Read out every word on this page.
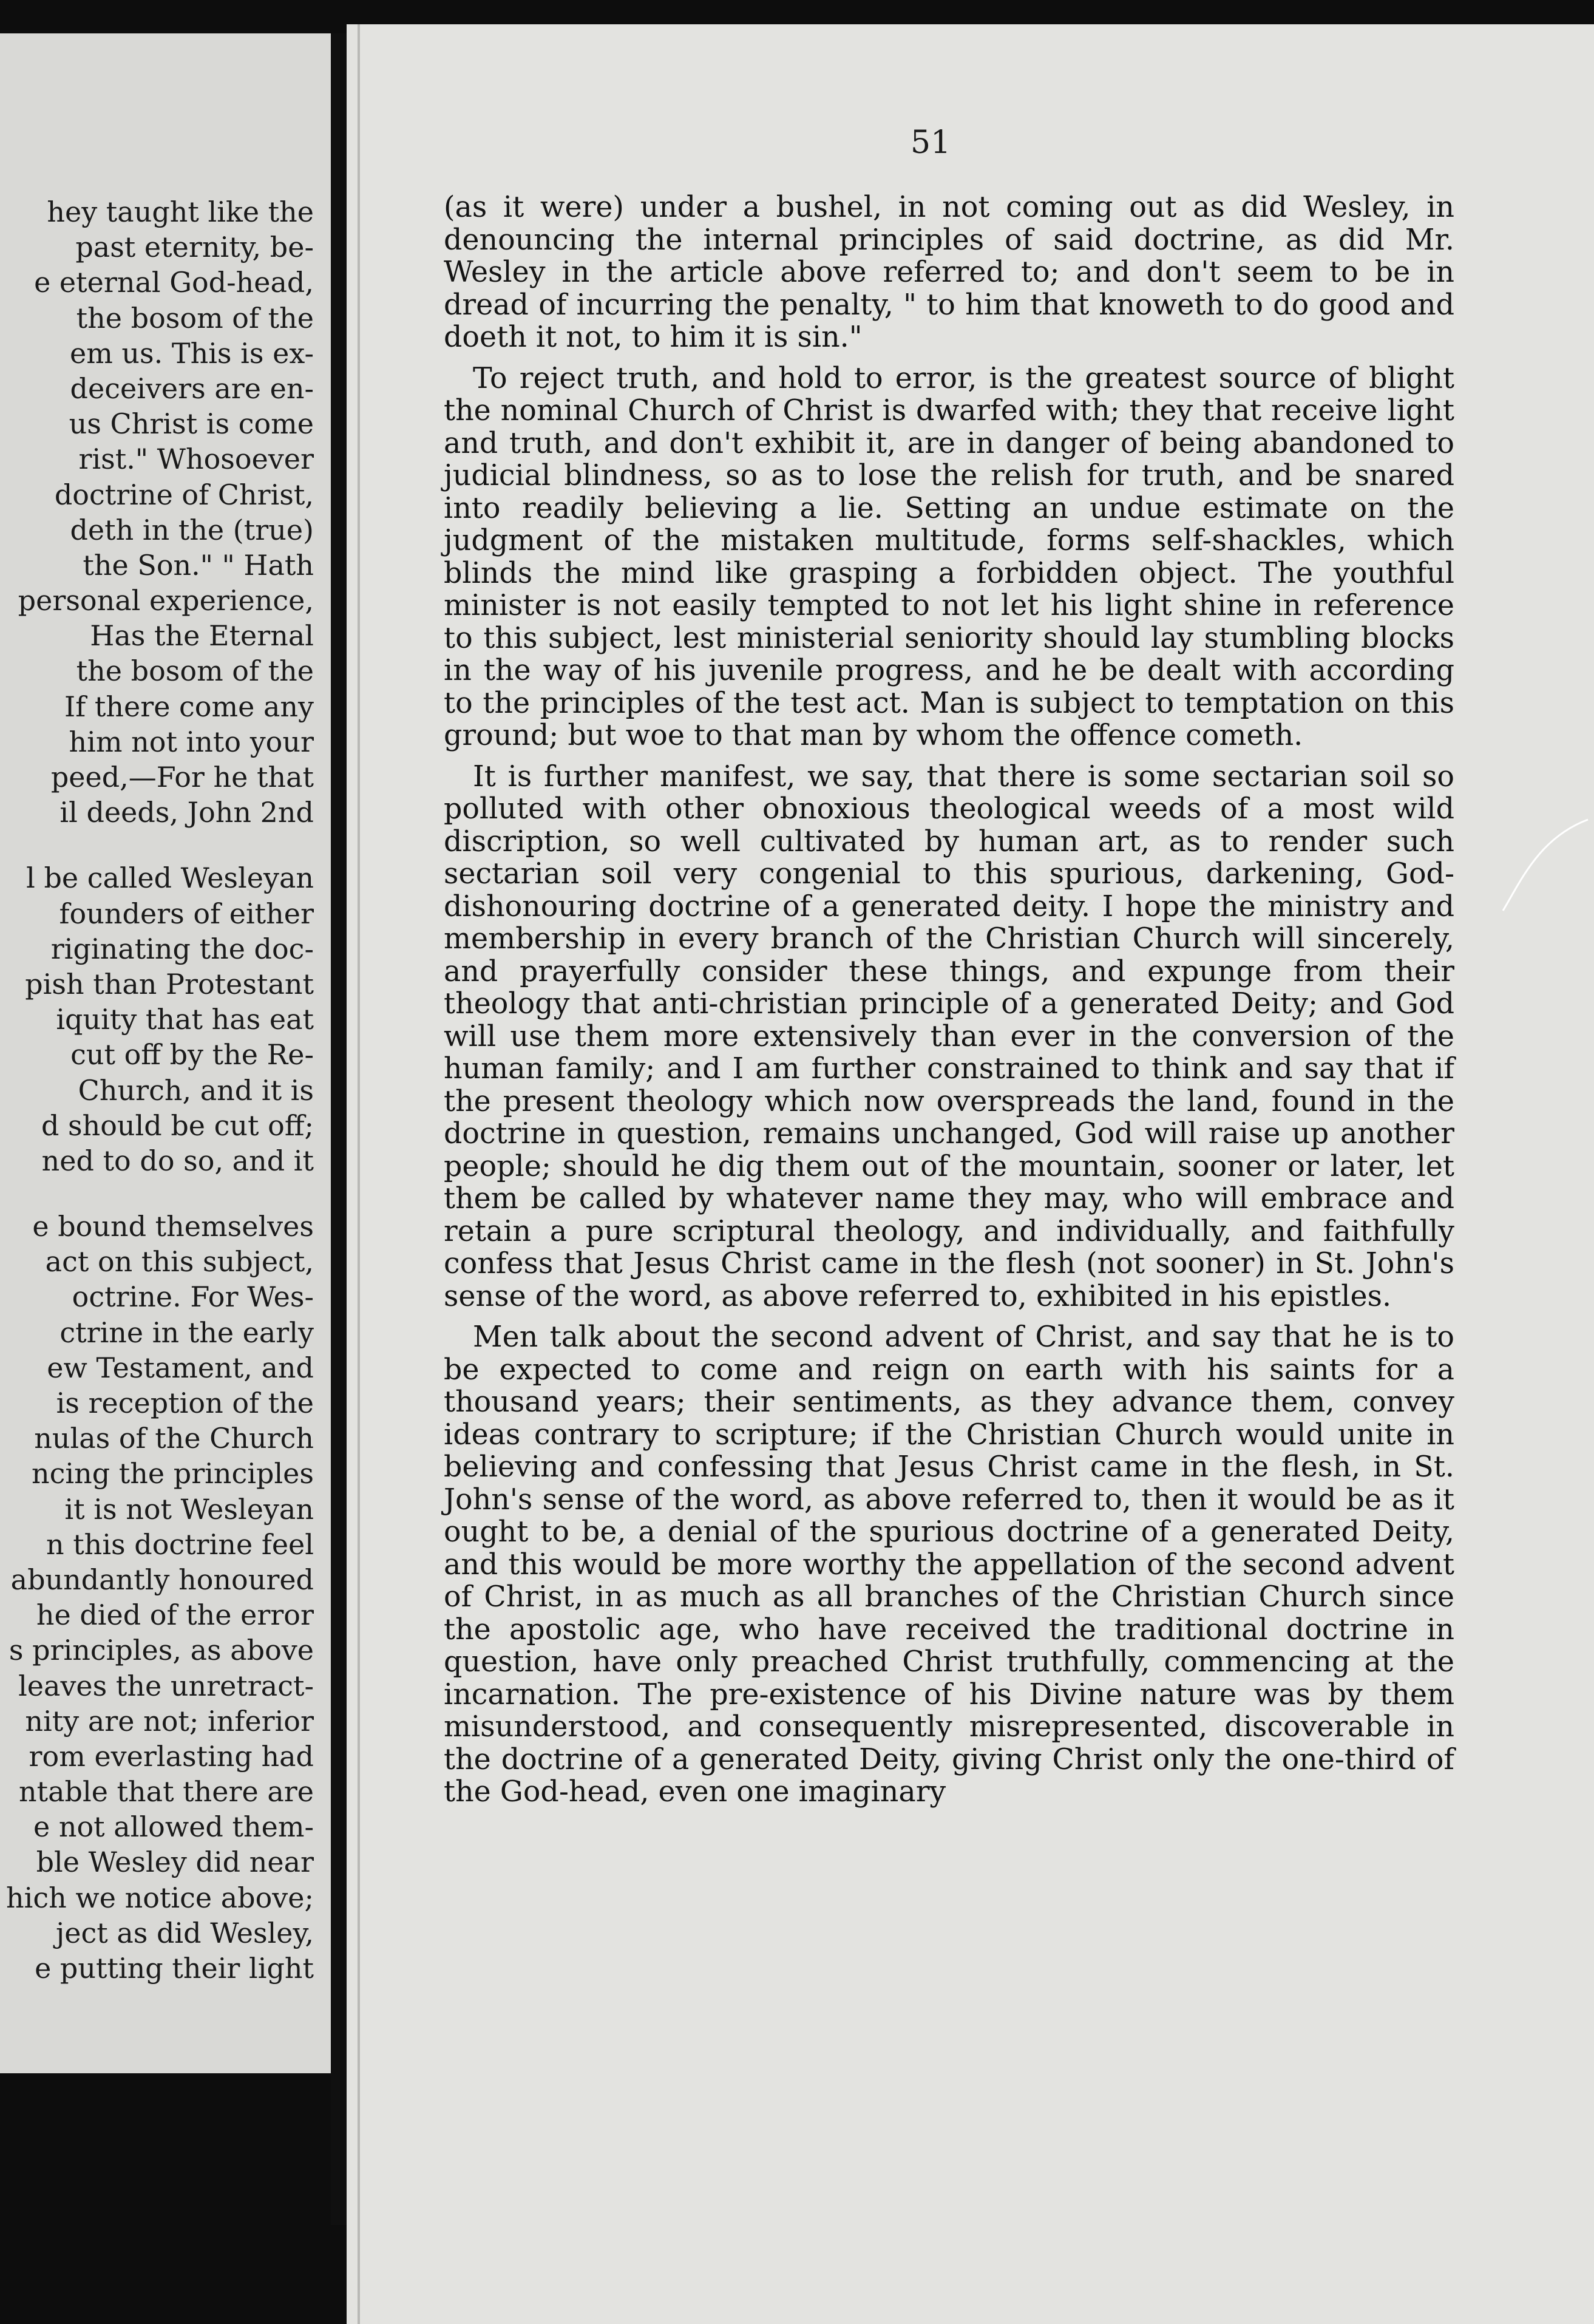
hey taught like the
past eternity, be-
e eternal God-head,
the bosom of the
em us. This is ex-
deceivers are en-
us Christ is come
rist." Whosoever
doctrine of Christ,
deth in the (true)
the Son." " Hath
personal experience,
Has the Eternal
the bosom of the
If there come any
him not into your
peed,—For he that
il deeds, John 2nd
l be called Wesleyan
founders of either
riginating the doc-
pish than Protestant
iquity that has eat
cut off by the Re-
Church, and it is
d should be cut off;
ned to do so, and it
e bound themselves
act on this subject,
octrine. For Wes-
ctrine in the early
ew Testament, and
is reception of the
nulas of the Church
ncing the principles
it is not Wesleyan
n this doctrine feel
abundantly honoured
he died of the error
s principles, as above
leaves the unretract-
nity are not; inferior
rom everlasting had
ntable that there are
e not allowed them-
ble Wesley did near
hich we notice above;
ject as did Wesley,
e putting their light
51

(as it were) under a bushel, in not coming out as did Wesley, in denouncing the internal principles of said doctrine, as did Mr. Wesley in the article above referred to; and don't seem to be in dread of incurring the penalty, " to him that knoweth to do good and doeth it not, to him it is sin."

To reject truth, and hold to error, is the greatest source of blight the nominal Church of Christ is dwarfed with; they that receive light and truth, and don't exhibit it, are in danger of being abandoned to judicial blindness, so as to lose the relish for truth, and be snared into readily believing a lie. Setting an undue estimate on the judgment of the mistaken multitude, forms self-shackles, which blinds the mind like grasping a forbidden object. The youthful minister is not easily tempted to not let his light shine in reference to this subject, lest ministerial seniority should lay stumbling blocks in the way of his juvenile progress, and he be dealt with according to the principles of the test act. Man is subject to temptation on this ground; but woe to that man by whom the offence cometh.

It is further manifest, we say, that there is some sectarian soil so polluted with other obnoxious theological weeds of a most wild discription, so well cultivated by human art, as to render such sectarian soil very congenial to this spurious, darkening, God-dishonouring doctrine of a generated deity. I hope the ministry and membership in every branch of the Christian Church will sincerely, and prayerfully consider these things, and expunge from their theology that anti-christian principle of a generated Deity; and God will use them more extensively than ever in the conversion of the human family; and I am further constrained to think and say that if the present theology which now overspreads the land, found in the doctrine in question, remains unchanged, God will raise up another people; should he dig them out of the mountain, sooner or later, let them be called by whatever name they may, who will embrace and retain a pure scriptural theology, and individually, and faithfully confess that Jesus Christ came in the flesh (not sooner) in St. John's sense of the word, as above referred to, exhibited in his epistles.

Men talk about the second advent of Christ, and say that he is to be expected to come and reign on earth with his saints for a thousand years; their sentiments, as they advance them, convey ideas contrary to scripture; if the Christian Church would unite in believing and confessing that Jesus Christ came in the flesh, in St. John's sense of the word, as above referred to, then it would be as it ought to be, a denial of the spurious doctrine of a generated Deity, and this would be more worthy the appellation of the second advent of Christ, in as much as all branches of the Christian Church since the apostolic age, who have received the traditional doctrine in question, have only preached Christ truthfully, commencing at the incarnation. The pre-existence of his Divine nature was by them misunderstood, and consequently misrepresented, discoverable in the doctrine of a generated Deity, giving Christ only the one-third of the God-head, even one imaginary
